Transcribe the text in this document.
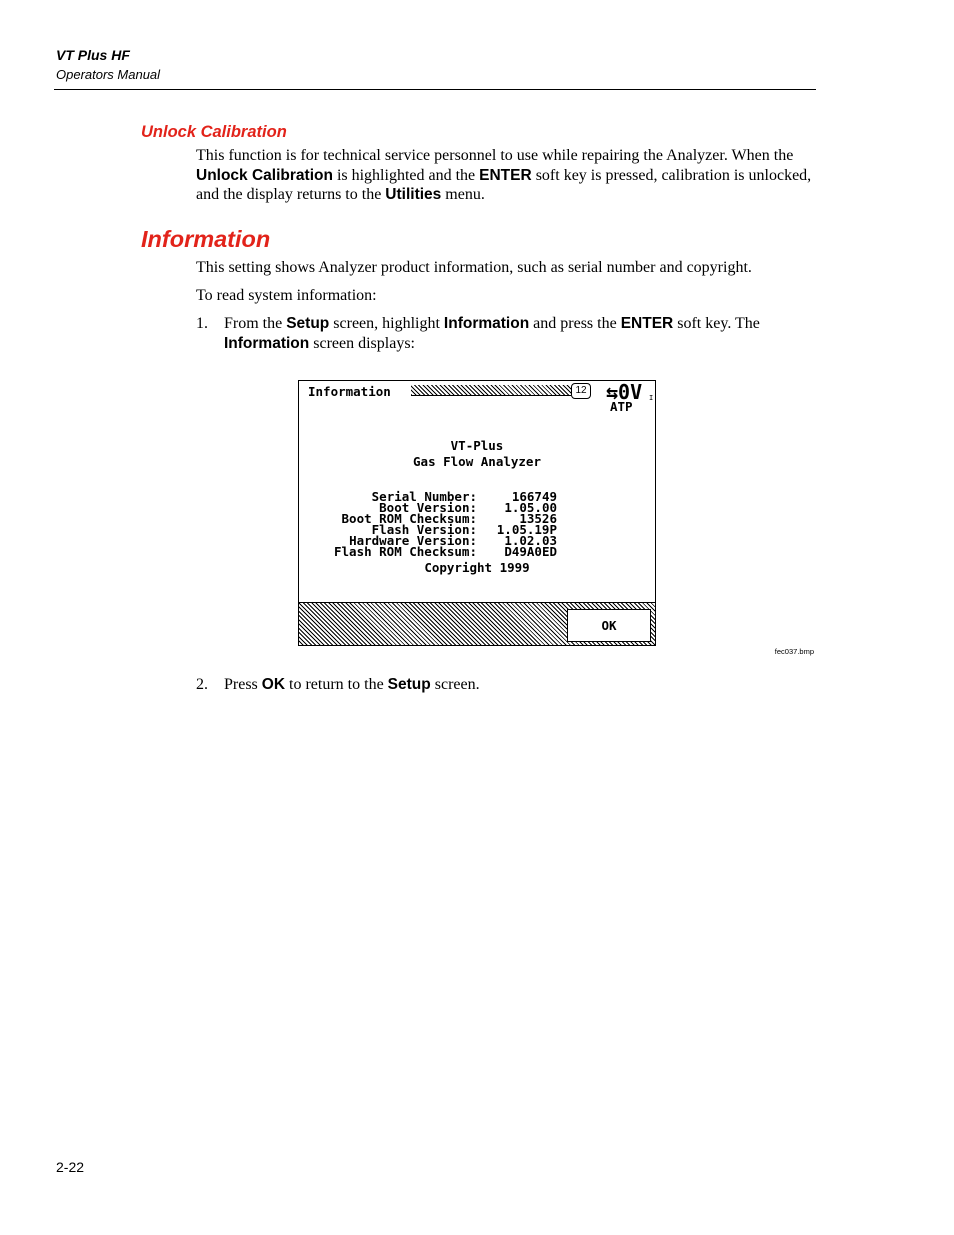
VT Plus HF
Operators Manual
Unlock Calibration
This function is for technical service personnel to use while repairing the Analyzer. When the Unlock Calibration is highlighted and the ENTER soft key is pressed, calibration is unlocked, and the display returns to the Utilities menu.
Information
This setting shows Analyzer product information, such as serial number and copyright.
To read system information:
1. From the Setup screen, highlight Information and press the ENTER soft key. The Information screen displays:
Information	12 ⇆0V I
ATP
VT-Plus
Gas Flow Analyzer
Serial Number:	166749
Boot Version:	1.05.00
Boot ROM Checksum:	13526
Flash Version:	1.05.19P
Hardware Version:	1.02.03
Flash ROM Checksum:	D49A0ED
Copyright 1999
OK
fec037.bmp
2. Press OK to return to the Setup screen.
2-22
